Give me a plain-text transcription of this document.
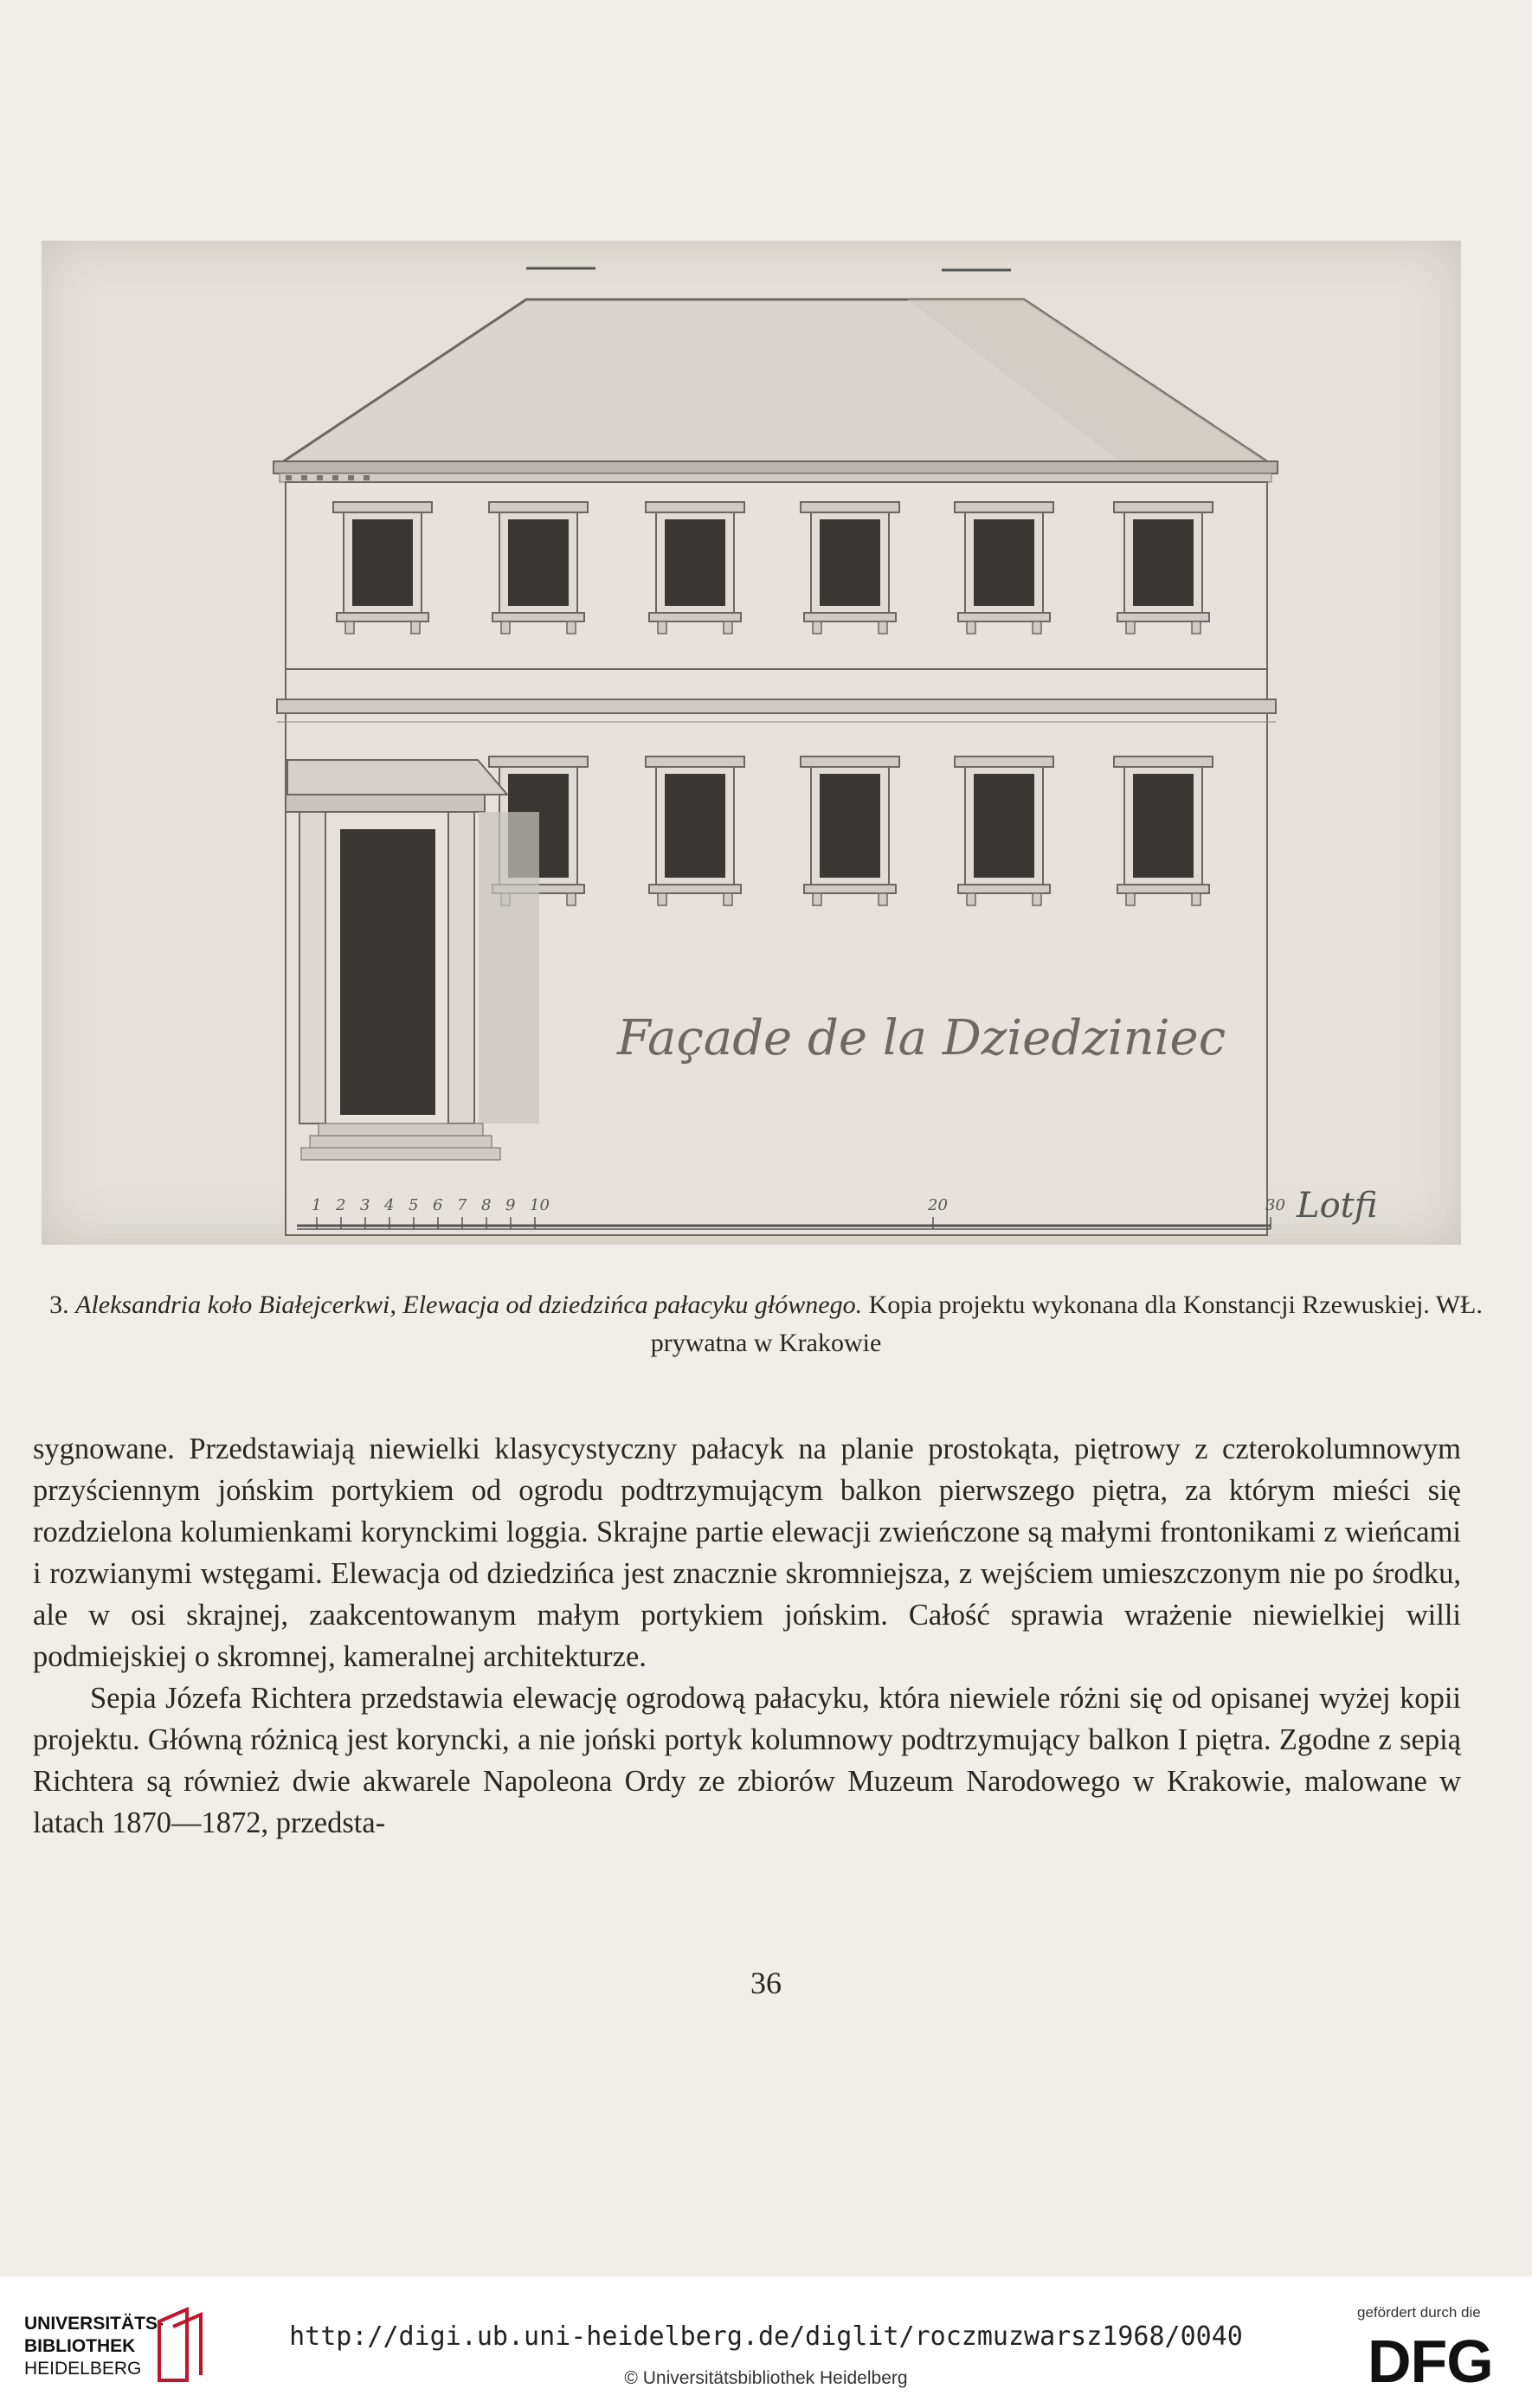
Façade de la Dziedziniec
1 2 3 4 5 6 7 8 9 10	20	30 Lotfi

3. Aleksandria koło Białejcerkwi, Elewacja od dziedzińca pałacyku głównego. Kopia projektu wykonana dla Konstancji Rzewuskiej. WŁ. prywatna w Krakowie

sygnowane. Przedstawiają niewielki klasycystyczny pałacyk na planie prostokąta, piętrowy z czterokolumnowym przyściennym jońskim portykiem od ogrodu podtrzymującym balkon pierwszego piętra, za którym mieści się rozdzielona kolumienkami korynckimi loggia. Skrajne partie elewacji zwieńczone są małymi frontonikami z wieńcami i rozwianymi wstęgami. Elewacja od dziedzińca jest znacznie skromniejsza, z wejściem umieszczonym nie po środku, ale w osi skrajnej, zaakcentowanym małym portykiem jońskim. Całość sprawia wrażenie niewielkiej willi podmiejskiej o skromnej, kameralnej architekturze.

Sepia Józefa Richtera przedstawia elewację ogrodową pałacyku, która niewiele różni się od opisanej wyżej kopii projektu. Główną różnicą jest koryncki, a nie joński portyk kolumnowy podtrzymujący balkon I piętra. Zgodne z sepią Richtera są również dwie akwarele Napoleona Ordy ze zbiorów Muzeum Narodowego w Krakowie, malowane w latach 1870—1872, przedsta-

36
UNIVERSITÄTS-
BIBLIOTHEK
HEIDELBERG
http://digi.ub.uni-heidelberg.de/diglit/roczmuzwarsz1968/0040
© Universitätsbibliothek Heidelberg
gefördert durch die
DFG
